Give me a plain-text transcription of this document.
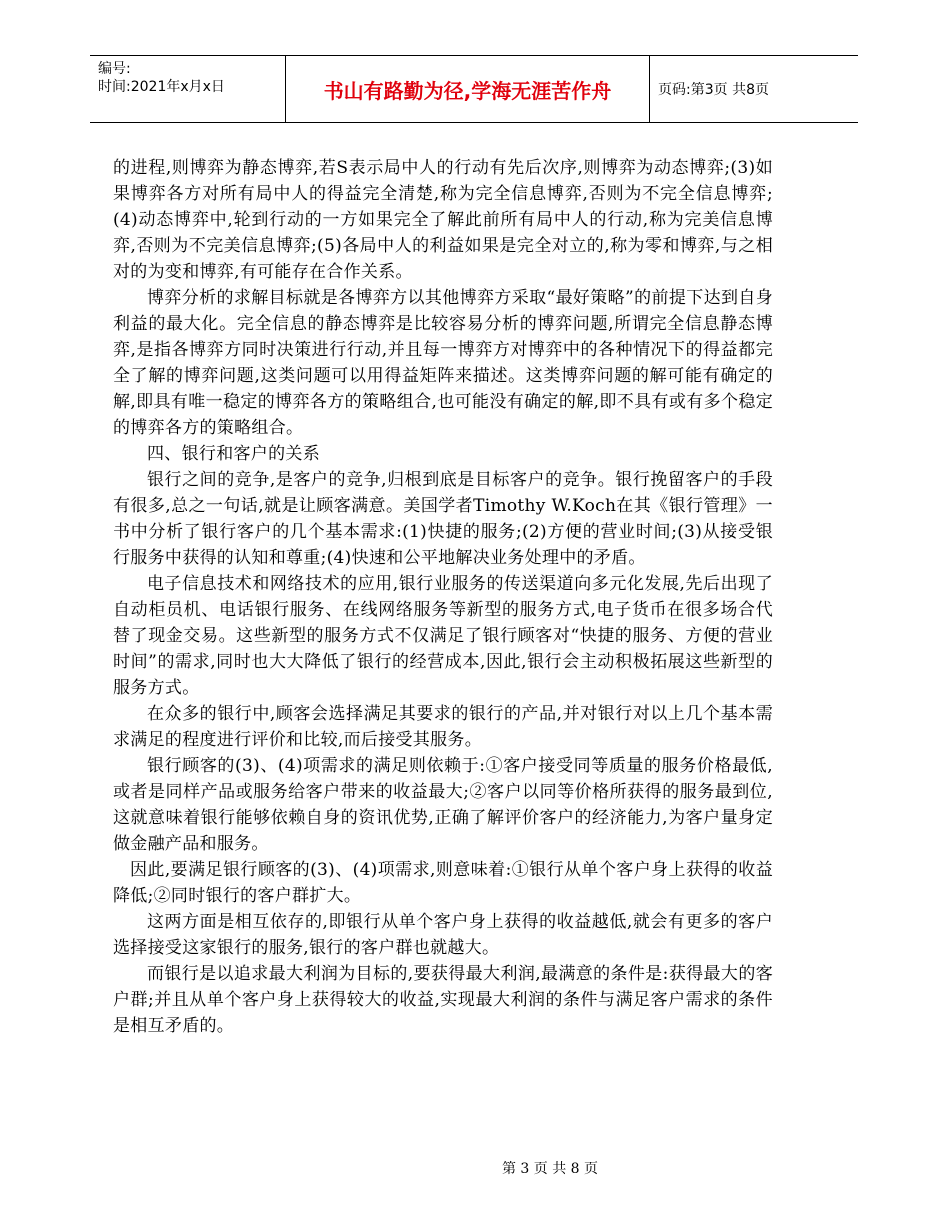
编号:
时间:2021年x月x日	书山有路勤为径,学海无涯苦作舟	页码:第3页 共8页

的进程,则博弈为静态博弈,若S表示局中人的行动有先后次序,则博弈为动态博弈;(3)如果博弈各方对所有局中人的得益完全清楚,称为完全信息博弈,否则为不完全信息博弈;(4)动态博弈中,轮到行动的一方如果完全了解此前所有局中人的行动,称为完美信息博弈,否则为不完美信息博弈;(5)各局中人的利益如果是完全对立的,称为零和博弈,与之相对的为变和博弈,有可能存在合作关系。

博弈分析的求解目标就是各博弈方以其他博弈方采取“最好策略”的前提下达到自身利益的最大化。完全信息的静态博弈是比较容易分析的博弈问题,所谓完全信息静态博弈,是指各博弈方同时决策进行行动,并且每一博弈方对博弈中的各种情况下的得益都完全了解的博弈问题,这类问题可以用得益矩阵来描述。这类博弈问题的解可能有确定的解,即具有唯一稳定的博弈各方的策略组合,也可能没有确定的解,即不具有或有多个稳定的博弈各方的策略组合。

四、银行和客户的关系

银行之间的竞争,是客户的竞争,归根到底是目标客户的竞争。银行挽留客户的手段有很多,总之一句话,就是让顾客满意。美国学者Timothy W.Koch在其《银行管理》一书中分析了银行客户的几个基本需求:(1)快捷的服务;(2)方便的营业时间;(3)从接受银行服务中获得的认知和尊重;(4)快速和公平地解决业务处理中的矛盾。

电子信息技术和网络技术的应用,银行业服务的传送渠道向多元化发展,先后出现了自动柜员机、电话银行服务、在线网络服务等新型的服务方式,电子货币在很多场合代替了现金交易。这些新型的服务方式不仅满足了银行顾客对“快捷的服务、方便的营业时间”的需求,同时也大大降低了银行的经营成本,因此,银行会主动积极拓展这些新型的服务方式。

在众多的银行中,顾客会选择满足其要求的银行的产品,并对银行对以上几个基本需求满足的程度进行评价和比较,而后接受其服务。

银行顾客的(3)、(4)项需求的满足则依赖于:①客户接受同等质量的服务价格最低,或者是同样产品或服务给客户带来的收益最大;②客户以同等价格所获得的服务最到位,这就意味着银行能够依赖自身的资讯优势,正确了解评价客户的经济能力,为客户量身定做金融产品和服务。

因此,要满足银行顾客的(3)、(4)项需求,则意味着:①银行从单个客户身上获得的收益降低;②同时银行的客户群扩大。

这两方面是相互依存的,即银行从单个客户身上获得的收益越低,就会有更多的客户选择接受这家银行的服务,银行的客户群也就越大。

而银行是以追求最大利润为目标的,要获得最大利润,最满意的条件是:获得最大的客户群;并且从单个客户身上获得较大的收益,实现最大利润的条件与满足客户需求的条件是相互矛盾的。

第 3 页 共 8 页
